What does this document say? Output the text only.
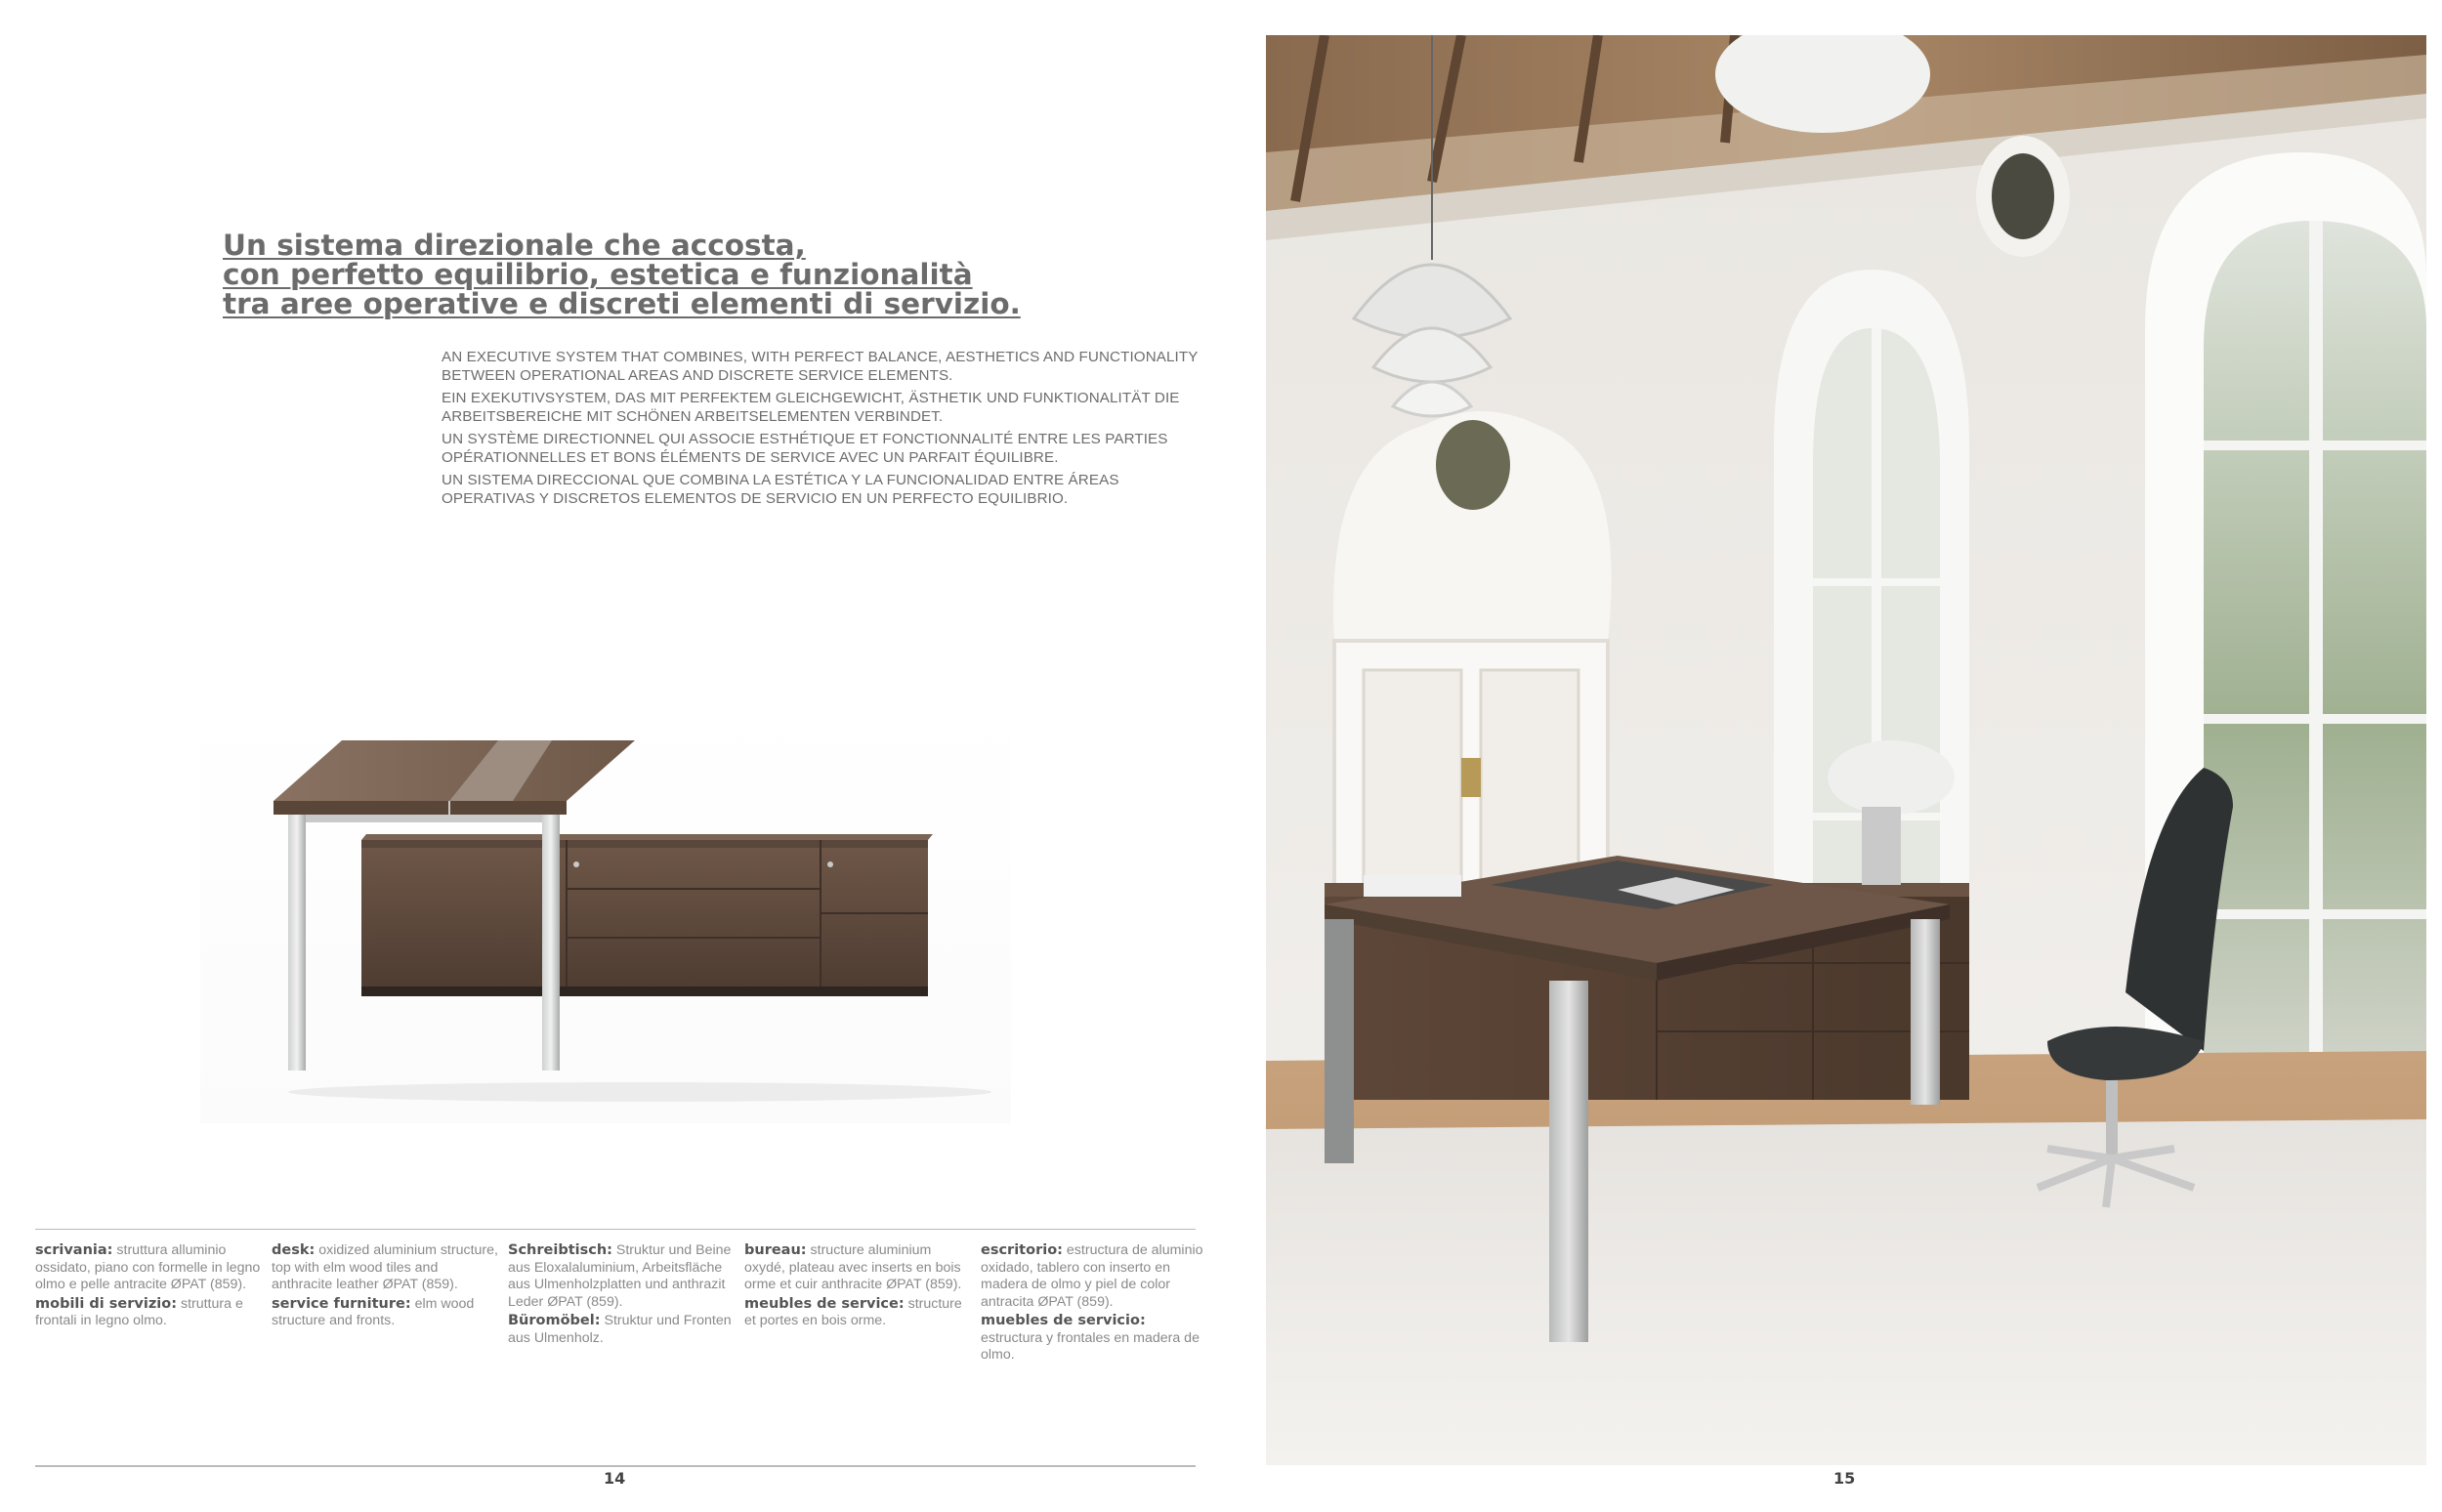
Un sistema direzionale che accosta,
con perfetto equilibrio, estetica e funzionalità
tra aree operative e discreti elementi di servizio.

AN EXECUTIVE SYSTEM THAT COMBINES, WITH PERFECT BALANCE, AESTHETICS AND FUNCTIONALITY BETWEEN OPERATIONAL AREAS AND DISCRETE SERVICE ELEMENTS.

EIN EXEKUTIVSYSTEM, DAS MIT PERFEKTEM GLEICHGEWICHT, ÄSTHETIK UND FUNKTIONALITÄT DIE ARBEITSBEREICHE MIT SCHÖNEN ARBEITSELEMENTEN VERBINDET.

UN SYSTÈME DIRECTIONNEL QUI ASSOCIE ESTHÉTIQUE ET FONCTIONNALITÉ ENTRE LES PARTIES OPÉRATIONNELLES ET BONS ÉLÉMENTS DE SERVICE AVEC UN PARFAIT ÉQUILIBRE.

UN SISTEMA DIRECCIONAL QUE COMBINA LA ESTÉTICA Y LA FUNCIONALIDAD ENTRE ÁREAS OPERATIVAS Y DISCRETOS ELEMENTOS DE SERVICIO EN UN PERFECTO EQUILIBRIO.

scrivania: struttura alluminio ossidato, piano con formelle in legno olmo e pelle antracite ØPAT (859).

mobili di servizio: struttura e frontali in legno olmo.

desk: oxidized aluminium structure, top with elm wood tiles and anthracite leather ØPAT (859).

service furniture: elm wood structure and fronts.

Schreibtisch: Struktur und Beine aus Eloxalaluminium, Arbeitsfläche aus Ulmenholzplatten und anthrazit Leder ØPAT (859).

Büromöbel: Struktur und Fronten aus Ulmenholz.

bureau: structure aluminium oxydé, plateau avec inserts en bois orme et cuir anthracite ØPAT (859).

meubles de service: structure et portes en bois orme.

escritorio: estructura de aluminio oxidado, tablero con inserto en madera de olmo y piel de color antracita ØPAT (859).

muebles de servicio: estructura y frontales en madera de olmo.

14	15
